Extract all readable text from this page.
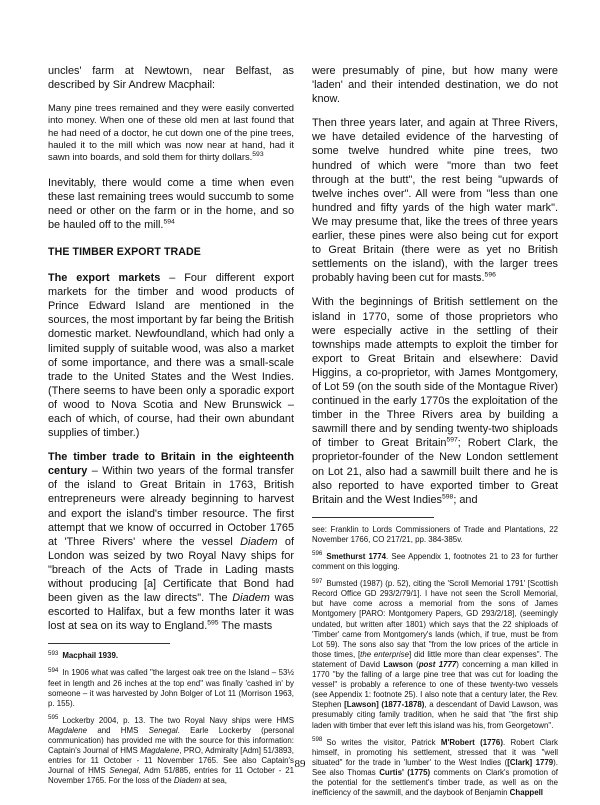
uncles' farm at Newtown, near Belfast, as described by Sir Andrew Macphail:

Many pine trees remained and they were easily converted into money. When one of these old men at last found that he had need of a doctor, he cut down one of the pine trees, hauled it to the mill which was now near at hand, had it sawn into boards, and sold them for thirty dollars.$^{593}$

Inevitably, there would come a time when even these last remaining trees would succumb to some need or other on the farm or in the home, and so be hauled off to the mill.$^{594}$

THE TIMBER EXPORT TRADE

The export markets – Four different export markets for the timber and wood products of Prince Edward Island are mentioned in the sources, the most important by far being the British domestic market. Newfoundland, which had only a limited supply of suitable wood, was also a market of some importance, and there was a small-scale trade to the United States and the West Indies. (There seems to have been only a sporadic export of wood to Nova Scotia and New Brunswick – each of which, of course, had their own abundant supplies of timber.)

The timber trade to Britain in the eighteenth century – Within two years of the formal transfer of the island to Great Britain in 1763, British entrepreneurs were already beginning to harvest and export the island's timber resource. The first attempt that we know of occurred in October 1765 at 'Three Rivers' where the vessel Diadem of London was seized by two Royal Navy ships for "breach of the Acts of Trade in Lading masts without producing [a] Certificate that Bond had been given as the law directs". The Diadem was escorted to Halifax, but a few months later it was lost at sea on its way to England.$^{595}$ The masts

$^{593}$ Macphail 1939.

$^{594}$ In 1906 what was called "the largest oak tree on the Island – 53½ feet in length and 26 inches at the top end" was finally 'cashed in' by someone – it was harvested by John Bolger of Lot 11 (Morrison 1963, p. 155).

$^{595}$ Lockerby 2004, p. 13. The two Royal Navy ships were HMS Magdalene and HMS Senegal. Earle Lockerby (personal communication) has provided me with the source for this information: Captain's Journal of HMS Magdalene, PRO, Admiralty [Adm] 51/3893, entries for 11 October - 11 November 1765. See also Captain's Journal of HMS Senegal, Adm 51/885, entries for 11 October - 21 November 1765. For the loss of the Diadem at sea,

were presumably of pine, but how many were 'laden' and their intended destination, we do not know.

Then three years later, and again at Three Rivers, we have detailed evidence of the harvesting of some twelve hundred white pine trees, two hundred of which were "more than two feet through at the butt", the rest being "upwards of twelve inches over". All were from "less than one hundred and fifty yards of the high water mark". We may presume that, like the trees of three years earlier, these pines were also being cut for export to Great Britain (there were as yet no British settlements on the island), with the larger trees probably having been cut for masts.$^{596}$

With the beginnings of British settlement on the island in 1770, some of those proprietors who were especially active in the settling of their townships made attempts to exploit the timber for export to Great Britain and elsewhere: David Higgins, a co-proprietor, with James Montgomery, of Lot 59 (on the south side of the Montague River) continued in the early 1770s the exploitation of the timber in the Three Rivers area by building a sawmill there and by sending twenty-two shiploads of timber to Great Britain$^{597}$; Robert Clark, the proprietor-founder of the New London settlement on Lot 21, also had a sawmill built there and he is also reported to have exported timber to Great Britain and the West Indies$^{598}$; and

see: Franklin to Lords Commissioners of Trade and Plantations, 22 November 1766, CO 217/21, pp. 384-385v.

$^{596}$ Smethurst 1774. See Appendix 1, footnotes 21 to 23 for further comment on this logging.

$^{597}$ Bumsted (1987) (p. 52), citing the 'Scroll Memorial 1791' [Scottish Record Office GD 293/2/79/1]. I have not seen the Scroll Memorial, but have come across a memorial from the sons of James Montgomery [PARO: Montgomery Papers, GD 293/2/18], (seemingly undated, but written after 1801) which says that the 22 shiploads of 'Timber' came from Montgomery's lands (which, if true, must be from Lot 59). The sons also say that "from the low prices of the article in those times, [the enterprise] did little more than clear expenses". The statement of David Lawson (post 1777) concerning a man killed in 1770 "by the falling of a large pine tree that was cut for loading the vessel" is probably a reference to one of these twenty-two vessels (see Appendix 1: footnote 25). I also note that a century later, the Rev. Stephen [Lawson] (1877-1878), a descendant of David Lawson, was presumably citing family tradition, when he said that "the first ship laden with timber that ever left this island was his, from Georgetown".

$^{598}$ So writes the visitor, Patrick M'Robert (1776). Robert Clark himself, in promoting his settlement, stressed that it was "well situated" for the trade in 'lumber' to the West Indies ([Clark] 1779). See also Thomas Curtis' (1775) comments on Clark's promotion of the potential for the settlement's timber trade, as well as on the inefficiency of the sawmill, and the daybook of Benjamin Chappell

89
